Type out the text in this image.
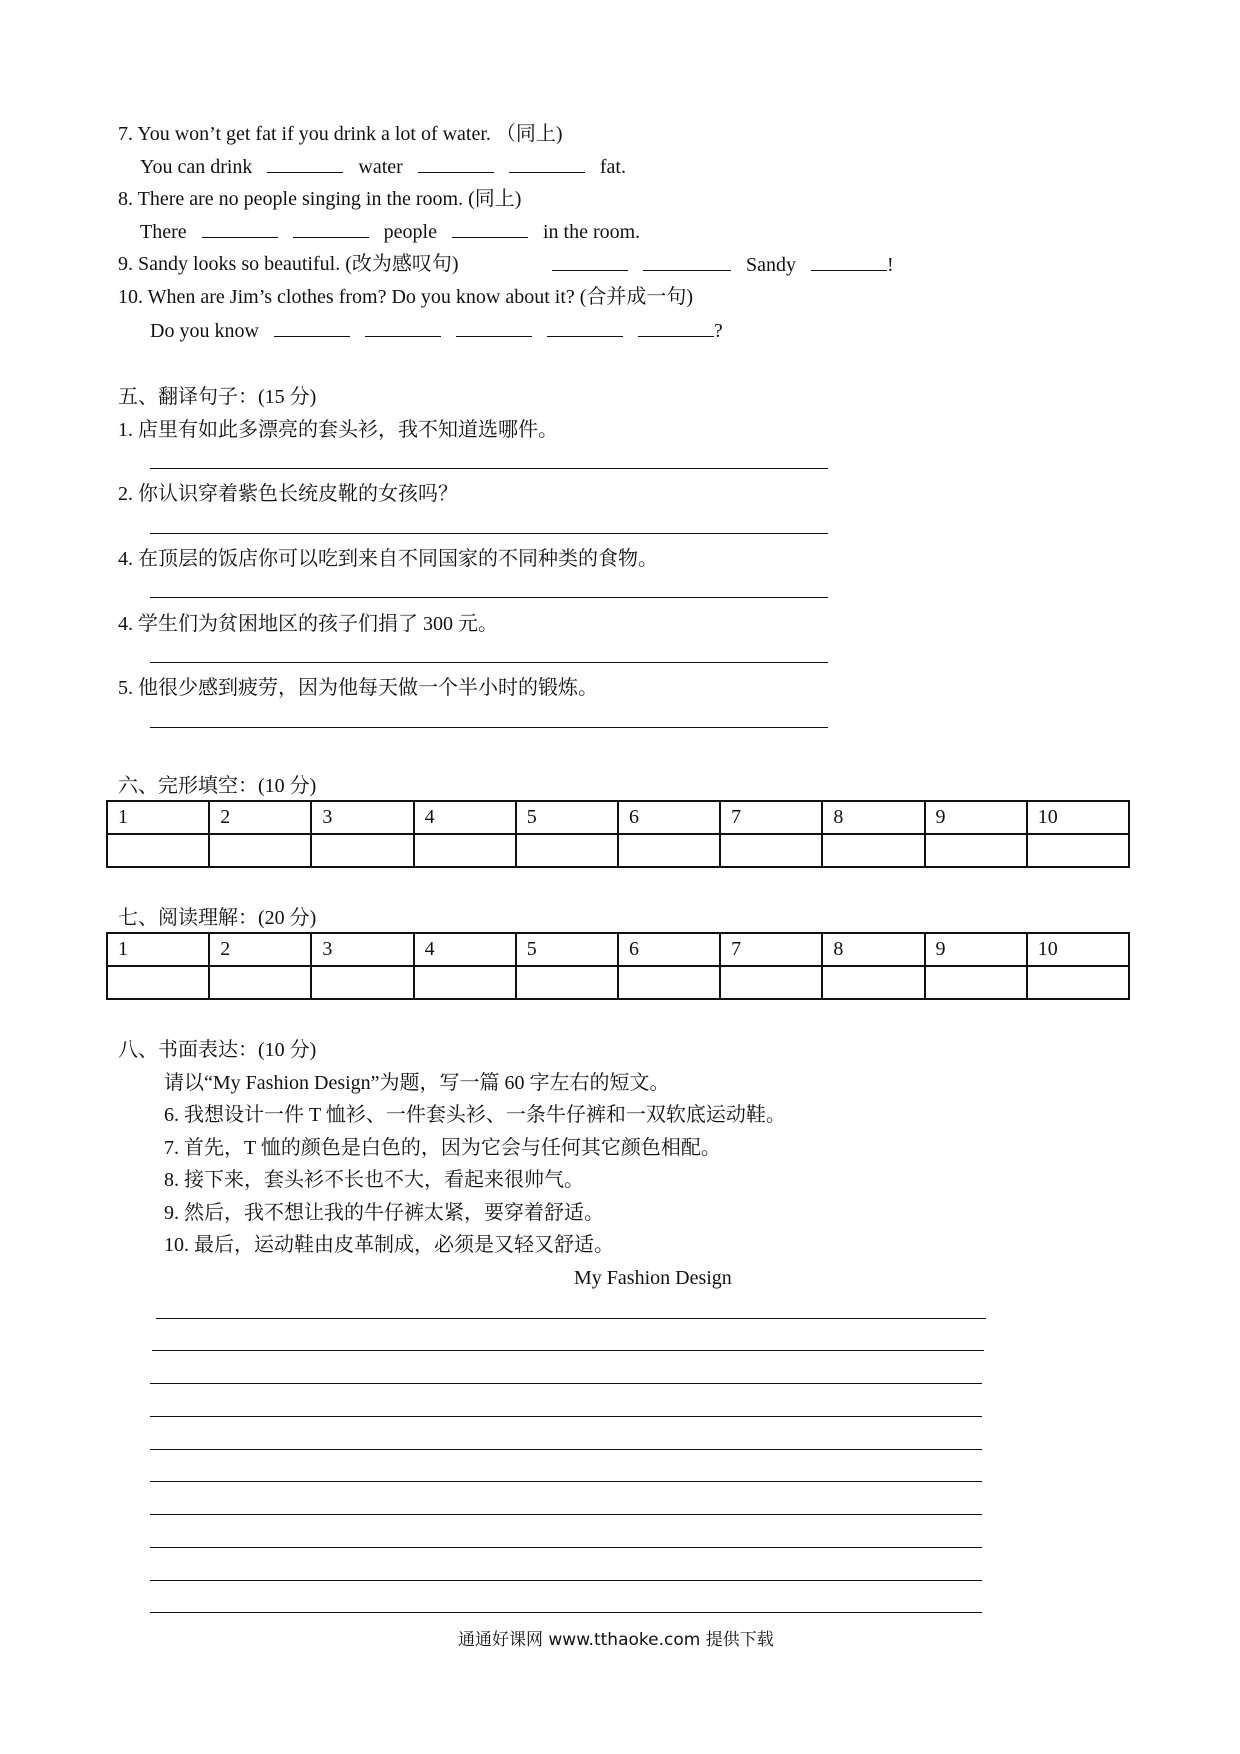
7. You won’t get fat if you drink a lot of water. （同上)
You can drink	water	fat.
8. There are no people singing in the room. (同上)
There	people	in the room.
9. Sandy looks so beautiful. (改为感叹句)	Sandy	!
10. When are Jim’s clothes from? Do you know about it? (合并成一句)
Do you know	?
五、翻译句子：(15 分)
1. 店里有如此多漂亮的套头衫，我不知道选哪件。
2. 你认识穿着紫色长统皮靴的女孩吗？
4. 在顶层的饭店你可以吃到来自不同国家的不同种类的食物。
4. 学生们为贫困地区的孩子们捐了 300 元。
5. 他很少感到疲劳，因为他每天做一个半小时的锻炼。
六、完形填空：(10 分)
1	2	3	4	5	6	7	8	9	10

七、阅读理解：(20 分)
1	2	3	4	5	6	7	8	9	10

八、书面表达：(10 分)
请以“My Fashion Design”为题，写一篇 60 字左右的短文。
6. 我想设计一件 T 恤衫、一件套头衫、一条牛仔裤和一双软底运动鞋。
7. 首先，T 恤的颜色是白色的，因为它会与任何其它颜色相配。
8. 接下来，套头衫不长也不大，看起来很帅气。
9. 然后，我不想让我的牛仔裤太紧，要穿着舒适。
10. 最后，运动鞋由皮革制成，必须是又轻又舒适。
My Fashion Design
通通好课网 www.tthaoke.com 提供下载
